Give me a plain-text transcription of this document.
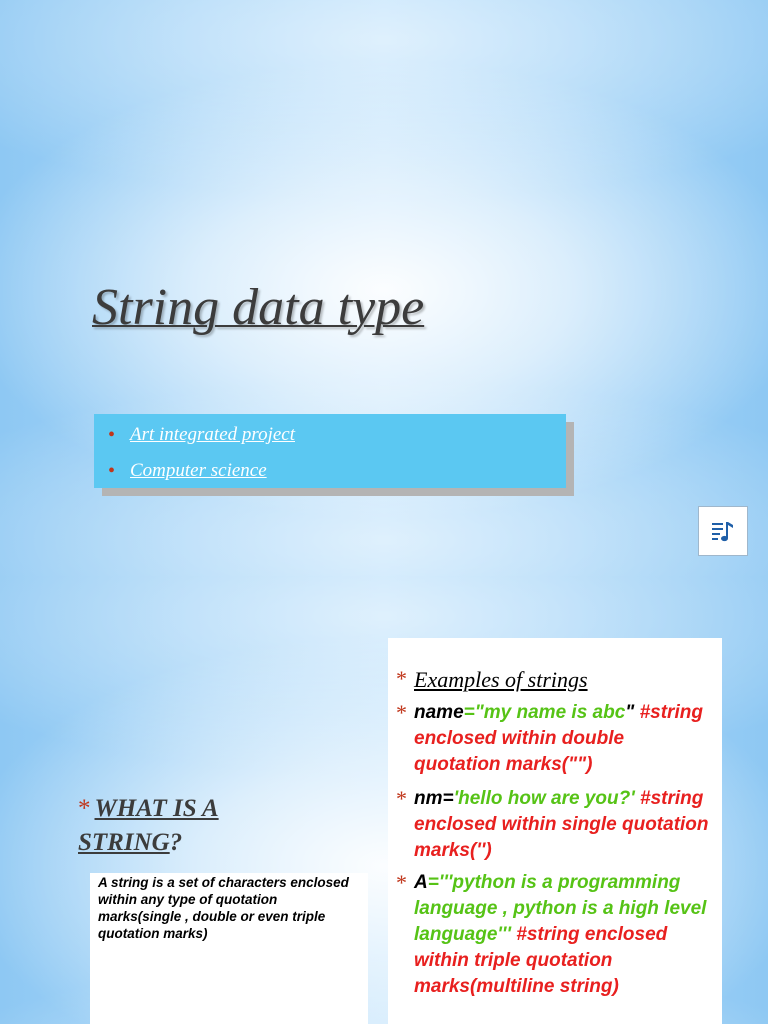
String data type
• Art integrated project
• Computer science
* WHAT IS A
STRING?

A string is a set of characters enclosed within any type of quotation marks(single , double or even triple quotation marks)

* Examples of strings
* name="my name is abc" #string enclosed within double quotation marks("")
* nm='hello how are you?' #string enclosed within single quotation marks('')
* A='''python is a programming language , python is a high level language''' #string enclosed within triple quotation marks(multiline string)
